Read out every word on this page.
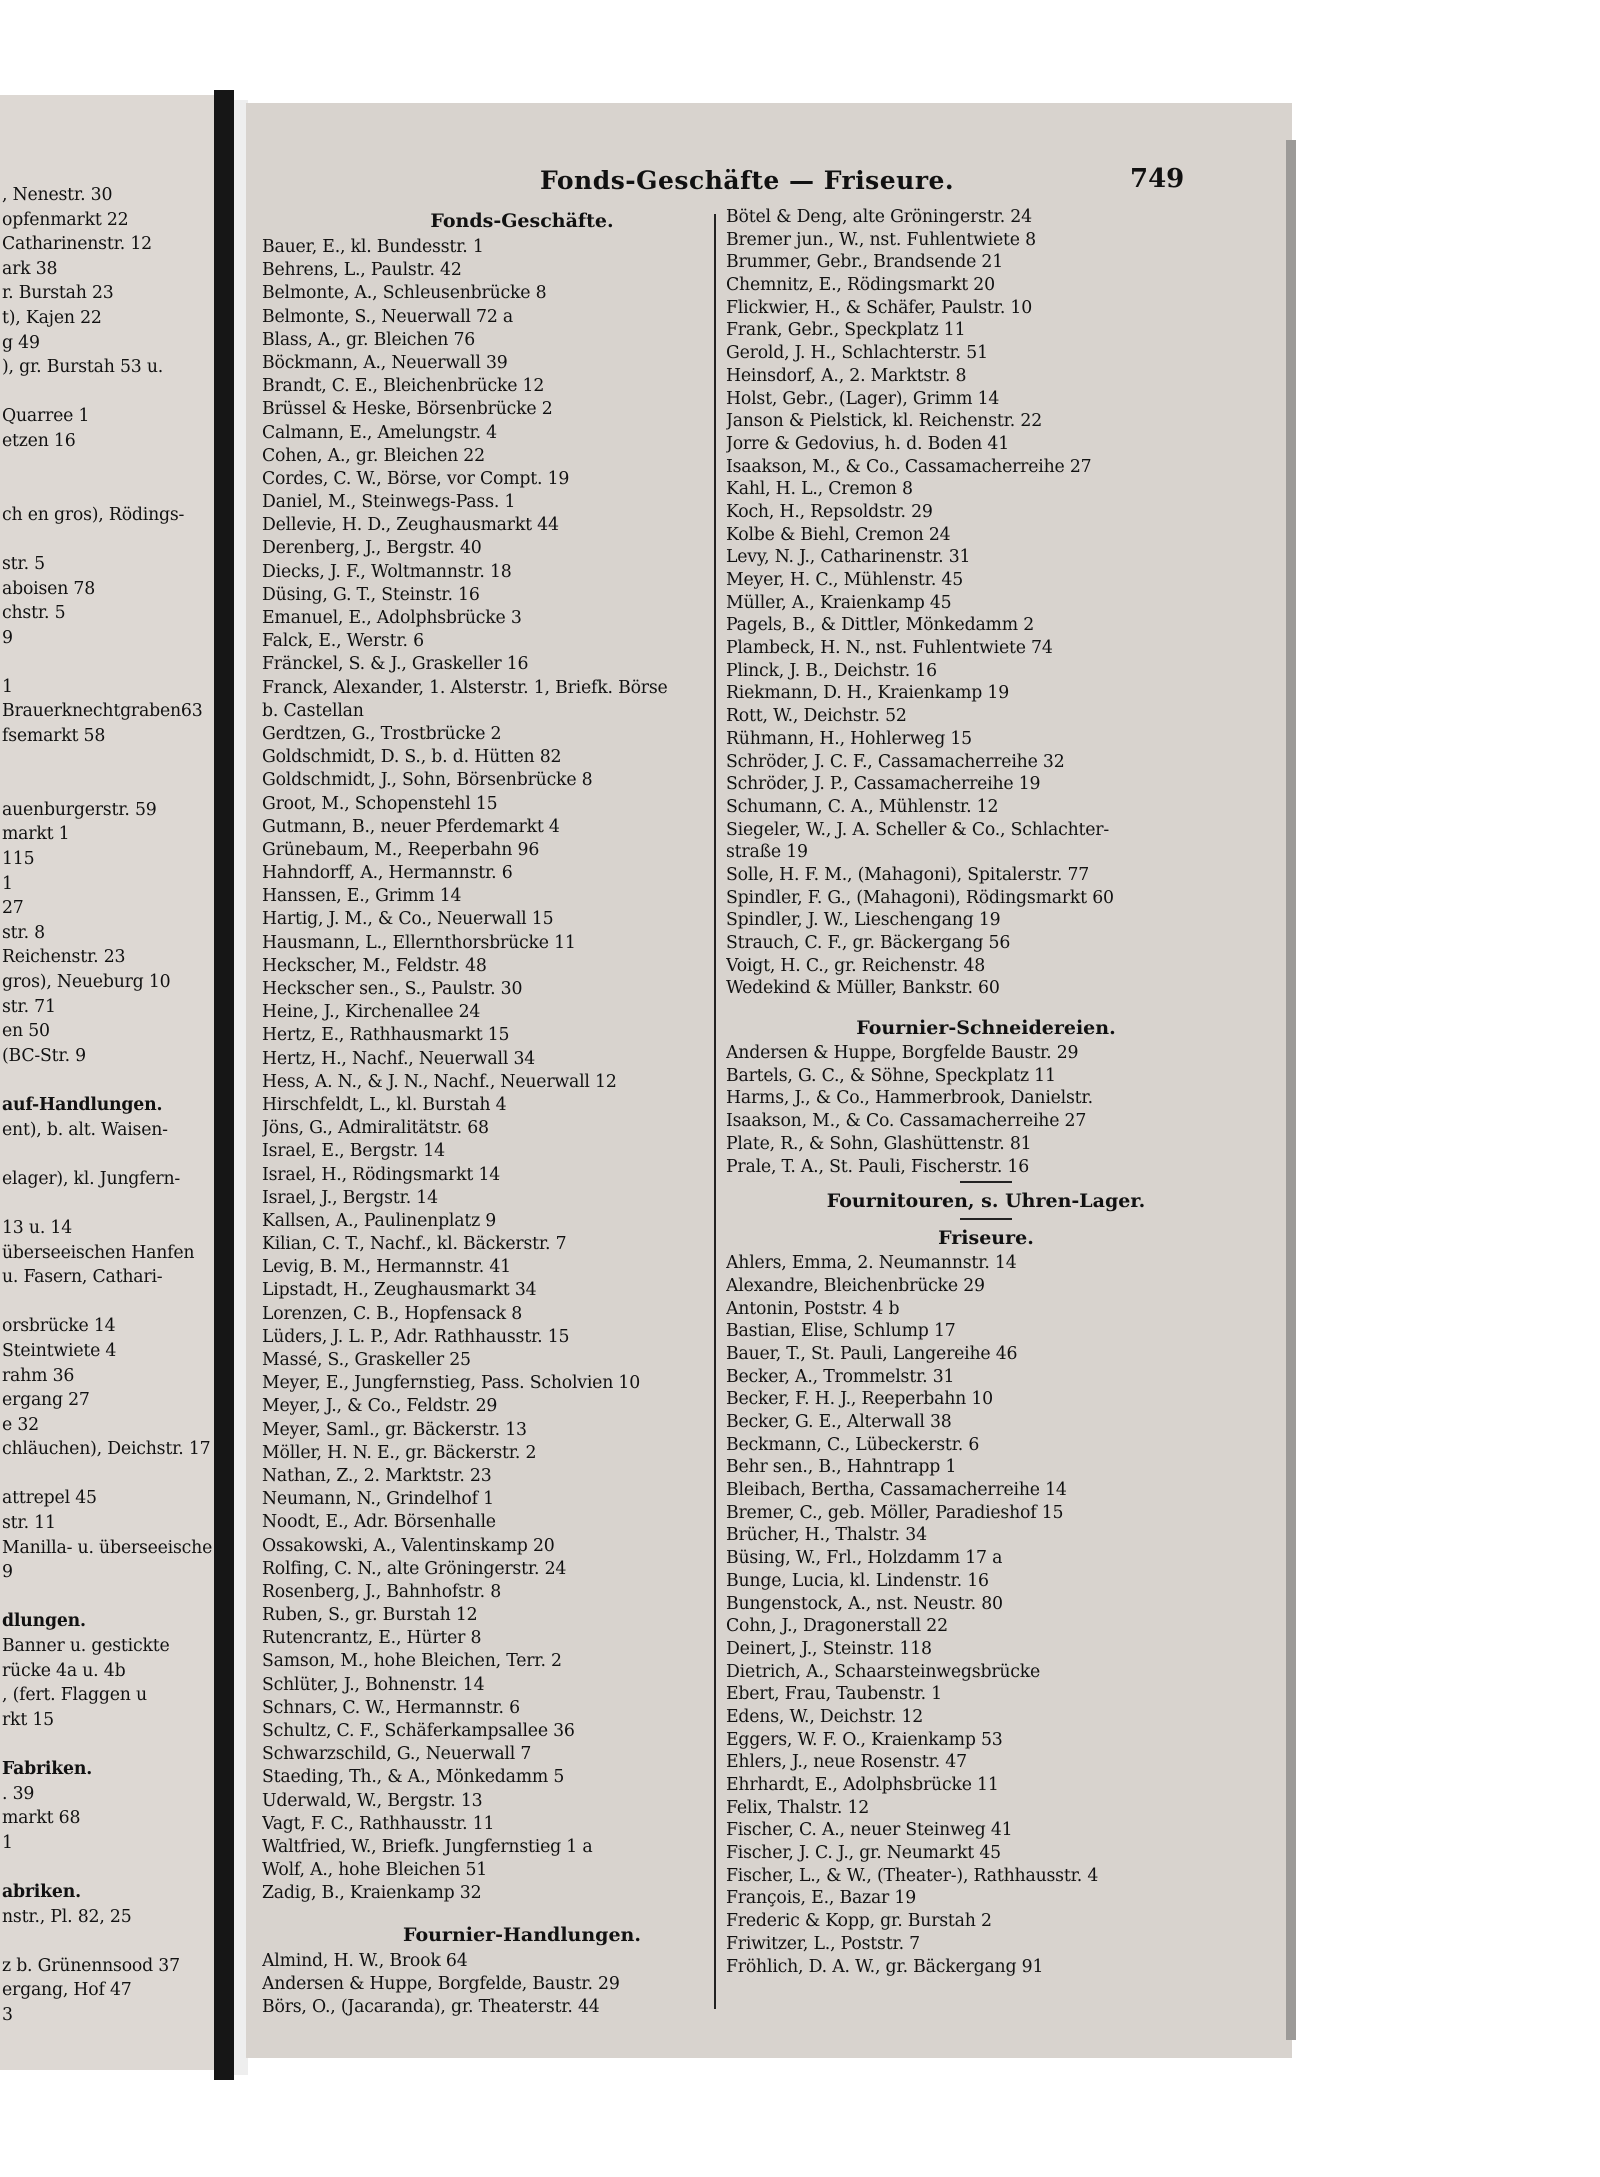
, Nenestr. 30
opfenmarkt 22
Catharinenstr. 12
ark 38
r. Burstah 23
t), Kajen 22
g 49
), gr. Burstah 53 u.
Quarree 1
etzen 16
ch en gros), Rödings-
str. 5
aboisen 78
chstr. 5
9
1
Brauerknechtgraben63
fsemarkt 58
auenburgerstr. 59
markt 1
115
1
27
str. 8
Reichenstr. 23
gros), Neueburg 10
str. 71
en 50
(BC-Str. 9
auf-Handlungen.
ent), b. alt. Waisen-
elager), kl. Jungfern-
13 u. 14
überseeischen Hanfen
u. Fasern, Cathari-
orsbrücke 14
Steintwiete 4
rahm 36
ergang 27
e 32
chläuchen), Deichstr. 17
attrepel 45
str. 11
Manilla- u. überseeische
9
dlungen.
Banner u. gestickte
rücke 4a u. 4b
, (fert. Flaggen u
rkt 15
Fabriken.
. 39
markt 68
1
abriken.
nstr., Pl. 82, 25
z b. Grünennsood 37
ergang, Hof 47
3
Fonds-Geschäfte — Friseure.	749
Fonds-Geschäfte.
Bauer, E., kl. Bundesstr. 1
Behrens, L., Paulstr. 42
Belmonte, A., Schleusenbrücke 8
Belmonte, S., Neuerwall 72 a
Blass, A., gr. Bleichen 76
Böckmann, A., Neuerwall 39
Brandt, C. E., Bleichenbrücke 12
Brüssel & Heske, Börsenbrücke 2
Calmann, E., Amelungstr. 4
Cohen, A., gr. Bleichen 22
Cordes, C. W., Börse, vor Compt. 19
Daniel, M., Steinwegs-Pass. 1
Dellevie, H. D., Zeughausmarkt 44
Derenberg, J., Bergstr. 40
Diecks, J. F., Woltmannstr. 18
Düsing, G. T., Steinstr. 16
Emanuel, E., Adolphsbrücke 3
Falck, E., Werstr. 6
Fränckel, S. & J., Graskeller 16
Franck, Alexander, 1. Alsterstr. 1, Briefk. Börse
b. Castellan
Gerdtzen, G., Trostbrücke 2
Goldschmidt, D. S., b. d. Hütten 82
Goldschmidt, J., Sohn, Börsenbrücke 8
Groot, M., Schopenstehl 15
Gutmann, B., neuer Pferdemarkt 4
Grünebaum, M., Reeperbahn 96
Hahndorff, A., Hermannstr. 6
Hanssen, E., Grimm 14
Hartig, J. M., & Co., Neuerwall 15
Hausmann, L., Ellernthorsbrücke 11
Heckscher, M., Feldstr. 48
Heckscher sen., S., Paulstr. 30
Heine, J., Kirchenallee 24
Hertz, E., Rathhausmarkt 15
Hertz, H., Nachf., Neuerwall 34
Hess, A. N., & J. N., Nachf., Neuerwall 12
Hirschfeldt, L., kl. Burstah 4
Jöns, G., Admiralitätstr. 68
Israel, E., Bergstr. 14
Israel, H., Rödingsmarkt 14
Israel, J., Bergstr. 14
Kallsen, A., Paulinenplatz 9
Kilian, C. T., Nachf., kl. Bäckerstr. 7
Levig, B. M., Hermannstr. 41
Lipstadt, H., Zeughausmarkt 34
Lorenzen, C. B., Hopfensack 8
Lüders, J. L. P., Adr. Rathhausstr. 15
Massé, S., Graskeller 25
Meyer, E., Jungfernstieg, Pass. Scholvien 10
Meyer, J., & Co., Feldstr. 29
Meyer, Saml., gr. Bäckerstr. 13
Möller, H. N. E., gr. Bäckerstr. 2
Nathan, Z., 2. Marktstr. 23
Neumann, N., Grindelhof 1
Noodt, E., Adr. Börsenhalle
Ossakowski, A., Valentinskamp 20
Rolfing, C. N., alte Gröningerstr. 24
Rosenberg, J., Bahnhofstr. 8
Ruben, S., gr. Burstah 12
Rutencrantz, E., Hürter 8
Samson, M., hohe Bleichen, Terr. 2
Schlüter, J., Bohnenstr. 14
Schnars, C. W., Hermannstr. 6
Schultz, C. F., Schäferkampsallee 36
Schwarzschild, G., Neuerwall 7
Staeding, Th., & A., Mönkedamm 5
Uderwald, W., Bergstr. 13
Vagt, F. C., Rathhausstr. 11
Waltfried, W., Briefk. Jungfernstieg 1 a
Wolf, A., hohe Bleichen 51
Zadig, B., Kraienkamp 32
Fournier-Handlungen.
Almind, H. W., Brook 64
Andersen & Huppe, Borgfelde, Baustr. 29
Börs, O., (Jacaranda), gr. Theaterstr. 44
Bötel & Deng, alte Gröningerstr. 24
Bremer jun., W., nst. Fuhlentwiete 8
Brummer, Gebr., Brandsende 21
Chemnitz, E., Rödingsmarkt 20
Flickwier, H., & Schäfer, Paulstr. 10
Frank, Gebr., Speckplatz 11
Gerold, J. H., Schlachterstr. 51
Heinsdorf, A., 2. Marktstr. 8
Holst, Gebr., (Lager), Grimm 14
Janson & Pielstick, kl. Reichenstr. 22
Jorre & Gedovius, h. d. Boden 41
Isaakson, M., & Co., Cassamacherreihe 27
Kahl, H. L., Cremon 8
Koch, H., Repsoldstr. 29
Kolbe & Biehl, Cremon 24
Levy, N. J., Catharinenstr. 31
Meyer, H. C., Mühlenstr. 45
Müller, A., Kraienkamp 45
Pagels, B., & Dittler, Mönkedamm 2
Plambeck, H. N., nst. Fuhlentwiete 74
Plinck, J. B., Deichstr. 16
Riekmann, D. H., Kraienkamp 19
Rott, W., Deichstr. 52
Rühmann, H., Hohlerweg 15
Schröder, J. C. F., Cassamacherreihe 32
Schröder, J. P., Cassamacherreihe 19
Schumann, C. A., Mühlenstr. 12
Siegeler, W., J. A. Scheller & Co., Schlachter-
straße 19
Solle, H. F. M., (Mahagoni), Spitalerstr. 77
Spindler, F. G., (Mahagoni), Rödingsmarkt 60
Spindler, J. W., Lieschengang 19
Strauch, C. F., gr. Bäckergang 56
Voigt, H. C., gr. Reichenstr. 48
Wedekind & Müller, Bankstr. 60
Fournier-Schneidereien.
Andersen & Huppe, Borgfelde Baustr. 29
Bartels, G. C., & Söhne, Speckplatz 11
Harms, J., & Co., Hammerbrook, Danielstr.
Isaakson, M., & Co. Cassamacherreihe 27
Plate, R., & Sohn, Glashüttenstr. 81
Prale, T. A., St. Pauli, Fischerstr. 16
Fournitouren, s. Uhren-Lager.
Friseure.
Ahlers, Emma, 2. Neumannstr. 14
Alexandre, Bleichenbrücke 29
Antonin, Poststr. 4 b
Bastian, Elise, Schlump 17
Bauer, T., St. Pauli, Langereihe 46
Becker, A., Trommelstr. 31
Becker, F. H. J., Reeperbahn 10
Becker, G. E., Alterwall 38
Beckmann, C., Lübeckerstr. 6
Behr sen., B., Hahntrapp 1
Bleibach, Bertha, Cassamacherreihe 14
Bremer, C., geb. Möller, Paradieshof 15
Brücher, H., Thalstr. 34
Büsing, W., Frl., Holzdamm 17 a
Bunge, Lucia, kl. Lindenstr. 16
Bungenstock, A., nst. Neustr. 80
Cohn, J., Dragonerstall 22
Deinert, J., Steinstr. 118
Dietrich, A., Schaarsteinwegsbrücke
Ebert, Frau, Taubenstr. 1
Edens, W., Deichstr. 12
Eggers, W. F. O., Kraienkamp 53
Ehlers, J., neue Rosenstr. 47
Ehrhardt, E., Adolphsbrücke 11
Felix, Thalstr. 12
Fischer, C. A., neuer Steinweg 41
Fischer, J. C. J., gr. Neumarkt 45
Fischer, L., & W., (Theater-), Rathhausstr. 4
François, E., Bazar 19
Frederic & Kopp, gr. Burstah 2
Friwitzer, L., Poststr. 7
Fröhlich, D. A. W., gr. Bäckergang 91
